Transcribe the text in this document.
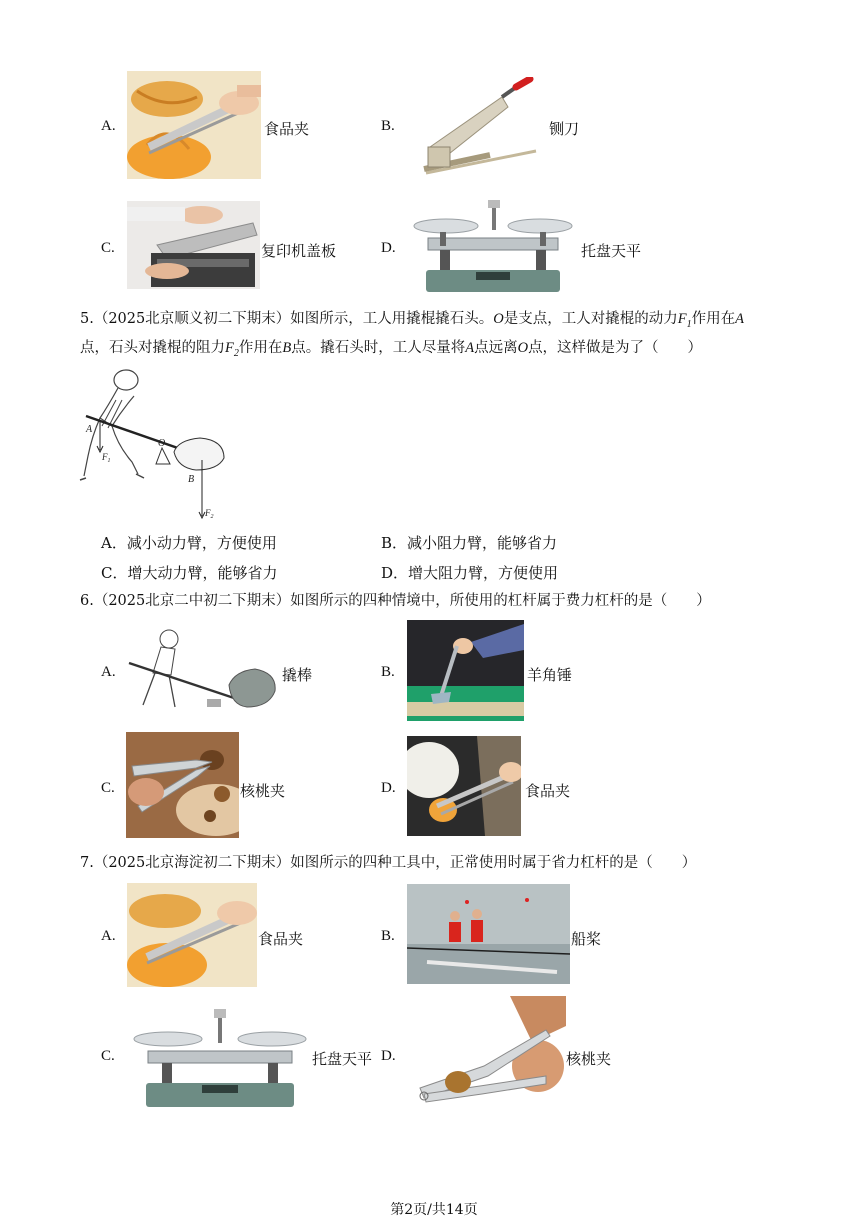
A.	食品夹	B.	铡刀
C.	复印机盖板	D.	托盘天平
5.（2025北京顺义初二下期末）如图所示，工人用撬棍撬石头。O是支点，工人对撬棍的动力$F_1$作用在A
点，石头对撬棍的阻力$F_2$作用在B点。撬石头时，工人尽量将A点远离O点，这样做是为了（　　）
A
O
B
$F_1$
$F_2$
A．减小动力臂，方便使用	B．减小阻力臂，能够省力
C．增大动力臂，能够省力	D．增大阻力臂，方便使用
6.（2025北京二中初二下期末）如图所示的四种情境中，所使用的杠杆属于费力杠杆的是（　　）
A.	撬棒	B.	羊角锤
C.	核桃夹	D.	食品夹
7.（2025北京海淀初二下期末）如图所示的四种工具中，正常使用时属于省力杠杆的是（　　）
A.	食品夹	B.	船桨
C.	托盘天平 D.	核桃夹
第2页/共14页
